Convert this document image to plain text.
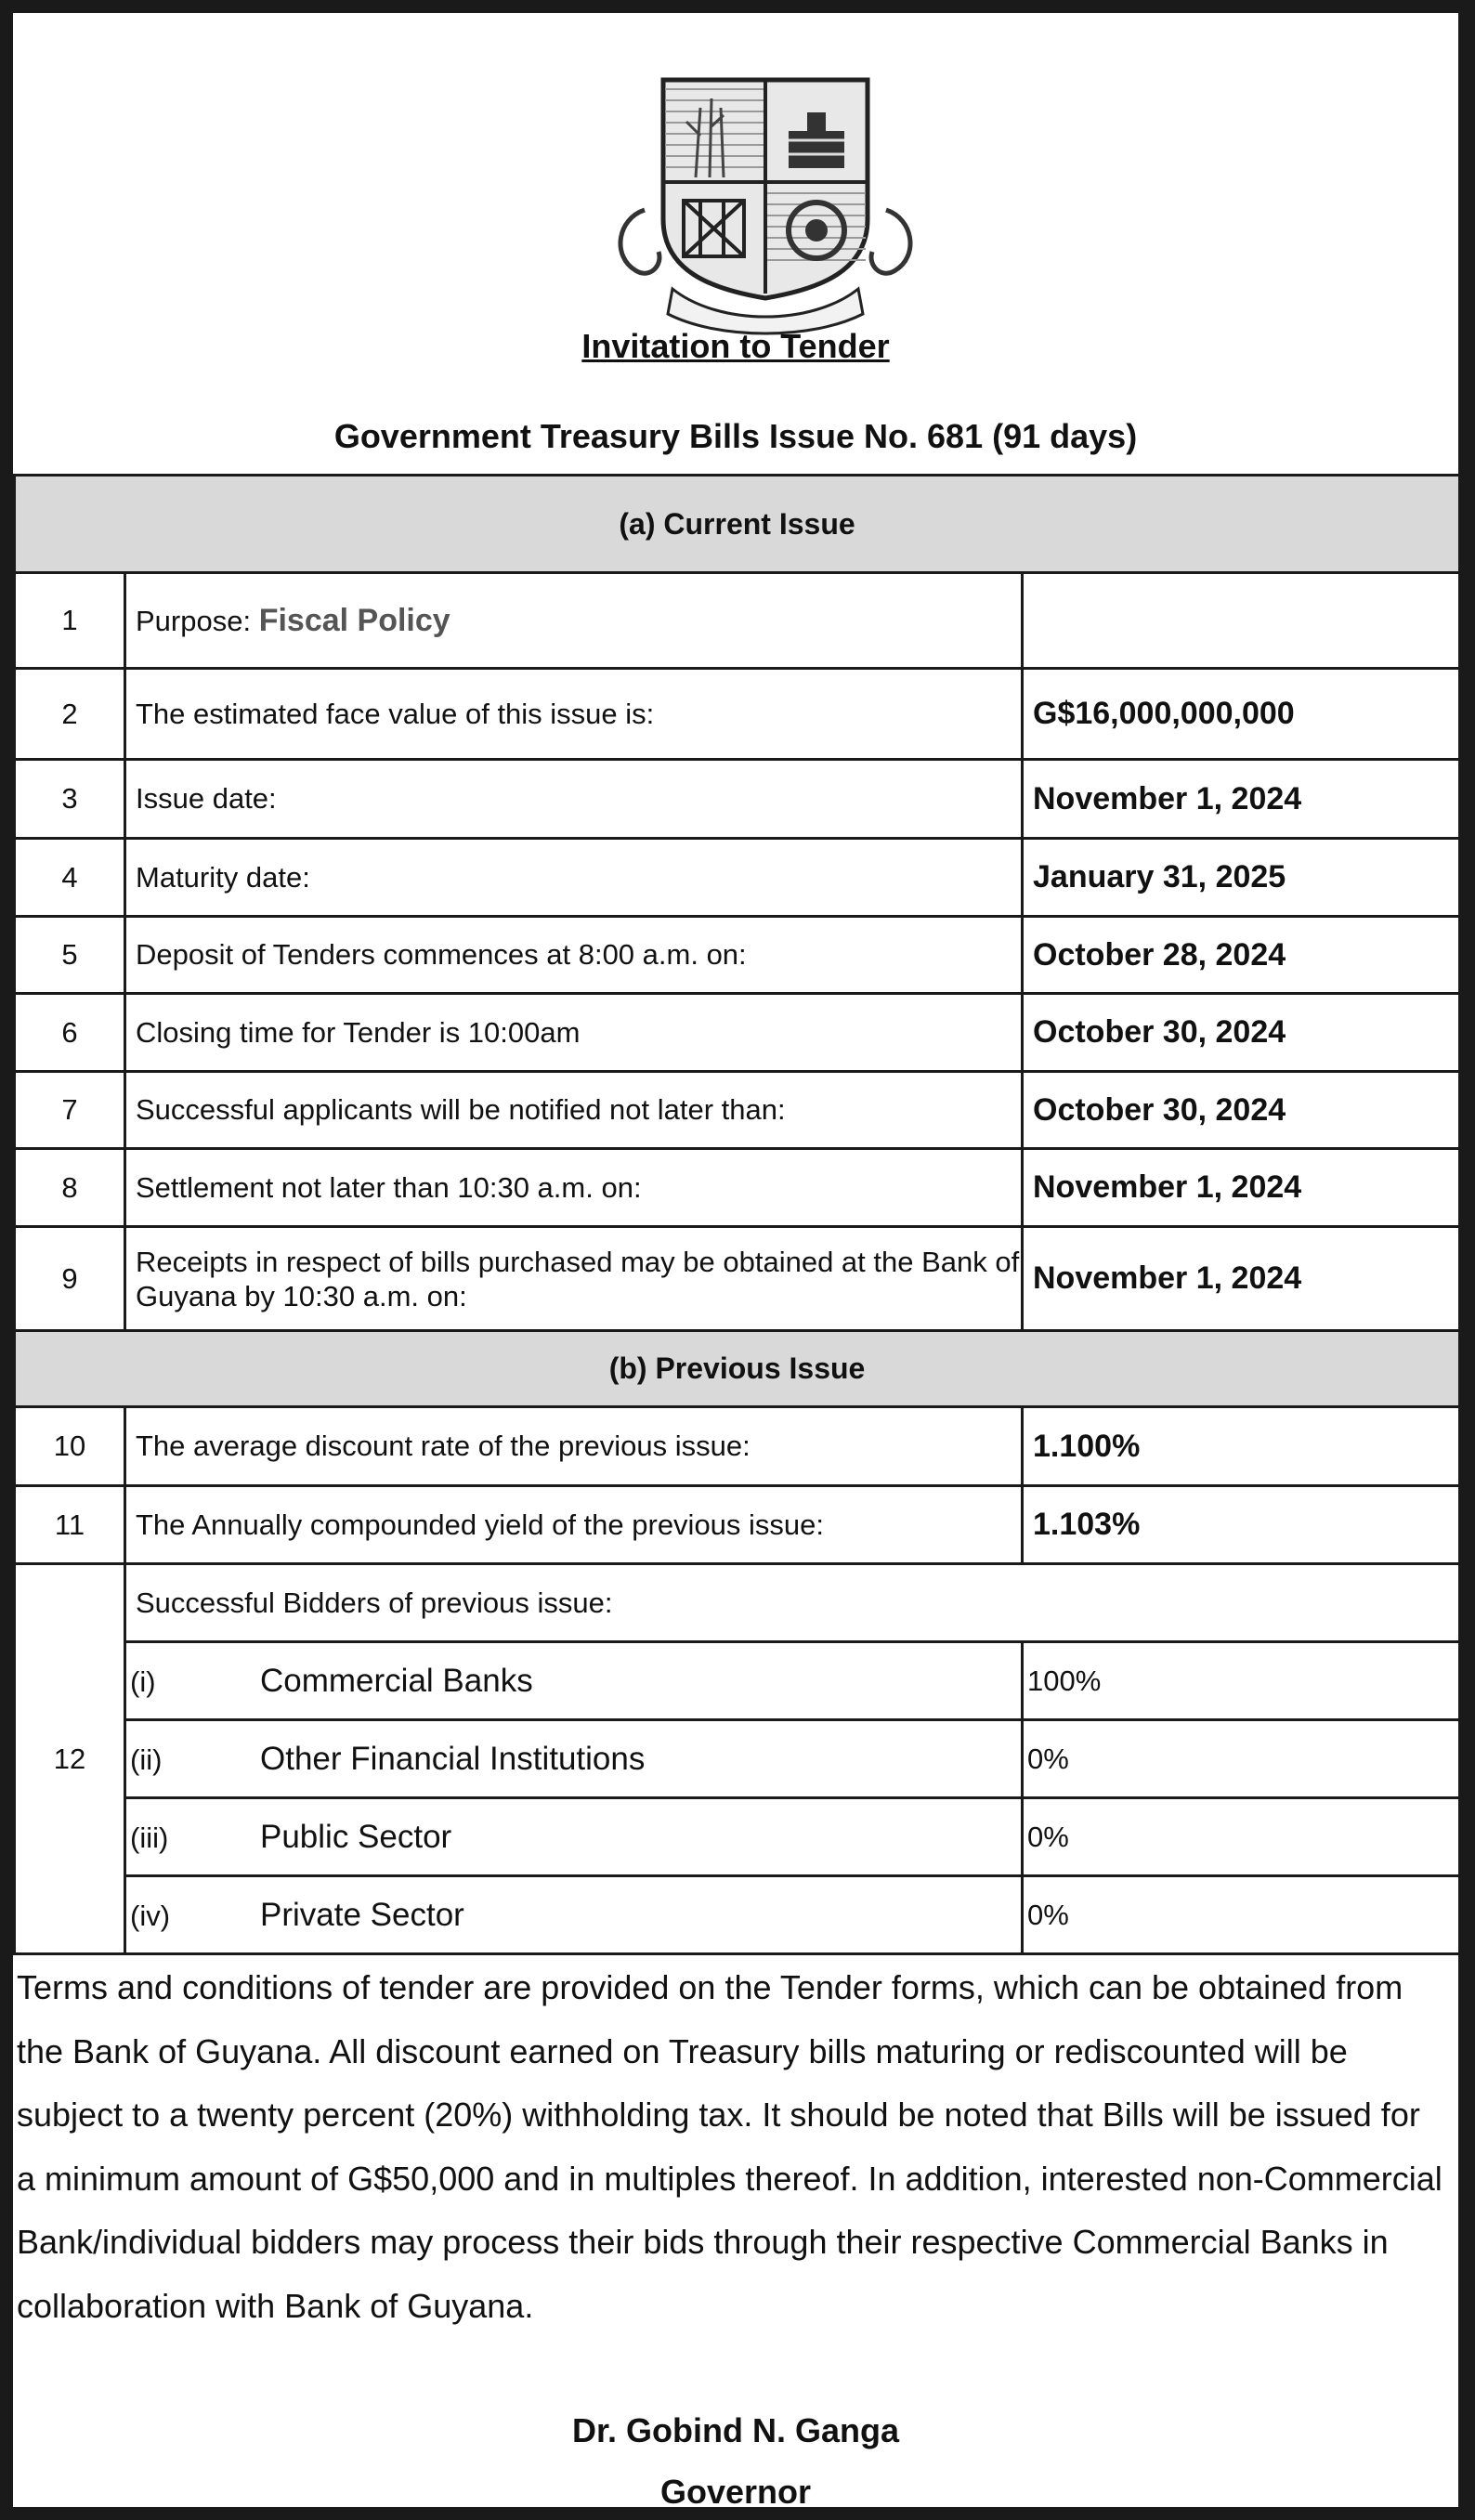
Invitation to Tender
Government Treasury Bills Issue No. 681 (91 days)
(a) Current Issue		
1	Purpose: Fiscal Policy	
2	The estimated face value of this issue is:	G$16,000,000,000
3	Issue date:	November 1, 2024
4	Maturity date:	January 31, 2025
5	Deposit of Tenders commences at 8:00 a.m. on:	October 28, 2024
6	Closing time for Tender is 10:00am	October 30, 2024
7	Successful applicants will be notified not later than:	October 30, 2024
8	Settlement not later than 10:30 a.m. on:	November 1, 2024
9	Receipts in respect of bills purchased may be obtained at the Bank of Guyana by 10:30 a.m. on:	November 1, 2024
(b) Previous Issue		
10	The average discount rate of the previous issue:	1.100%
11	The Annually compounded yield of the previous issue:	1.103%
12	Successful Bidders of previous issue:	
	(i) Commercial Banks	100%
	(ii) Other Financial Institutions	0%
	(iii) Public Sector	0%
	(iv) Private Sector	0%
Terms and conditions of tender are provided on the Tender forms, which can be obtained from the Bank of Guyana. All discount earned on Treasury bills maturing or rediscounted will be subject to a twenty percent (20%) withholding tax. It should be noted that Bills will be issued for a minimum amount of G$50,000 and in multiples thereof. In addition, interested non-Commercial Bank/individual bidders may process their bids through their respective Commercial Banks in collaboration with Bank of Guyana.
Dr. Gobind N. Ganga
Governor
